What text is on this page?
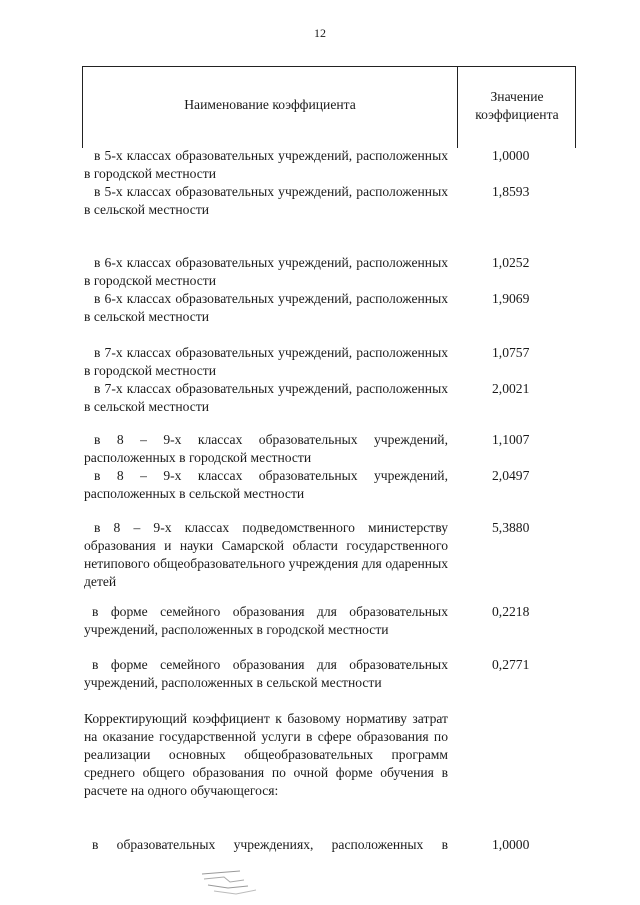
12
Наименование коэффициента
Значение
коэффициента
в 5-х классах образовательных учреждений, расположенных в городской местности
1,0000
в 5-х классах образовательных учреждений, расположенных в сельской местности
1,8593
в 6-х классах образовательных учреждений, расположенных в городской местности
1,0252
в 6-х классах образовательных учреждений, расположенных в сельской местности
1,9069
в 7-х классах образовательных учреждений, расположенных в городской местности
1,0757
в 7-х классах образовательных учреждений, расположенных в сельской местности
2,0021
в 8 – 9-х классах образовательных учреждений, расположенных в городской местности
1,1007
в 8 – 9-х классах образовательных учреждений, расположенных в сельской местности
2,0497
в 8 – 9-х классах подведомственного министерству образования и науки Самарской области государственного нетипового общеобразовательного учреждения для одаренных детей
5,3880
в форме семейного образования для образовательных учреждений, расположенных в городской местности
0,2218
в форме семейного образования для образовательных учреждений, расположенных в сельской местности
0,2771
Корректирующий коэффициент к базовому нормативу затрат на оказание государственной услуги в сфере образования по реализации основных общеобразовательных программ среднего общего образования по очной форме обучения в расчете на одного обучающегося:
в образовательных учреждениях, расположенных в	1,0000
